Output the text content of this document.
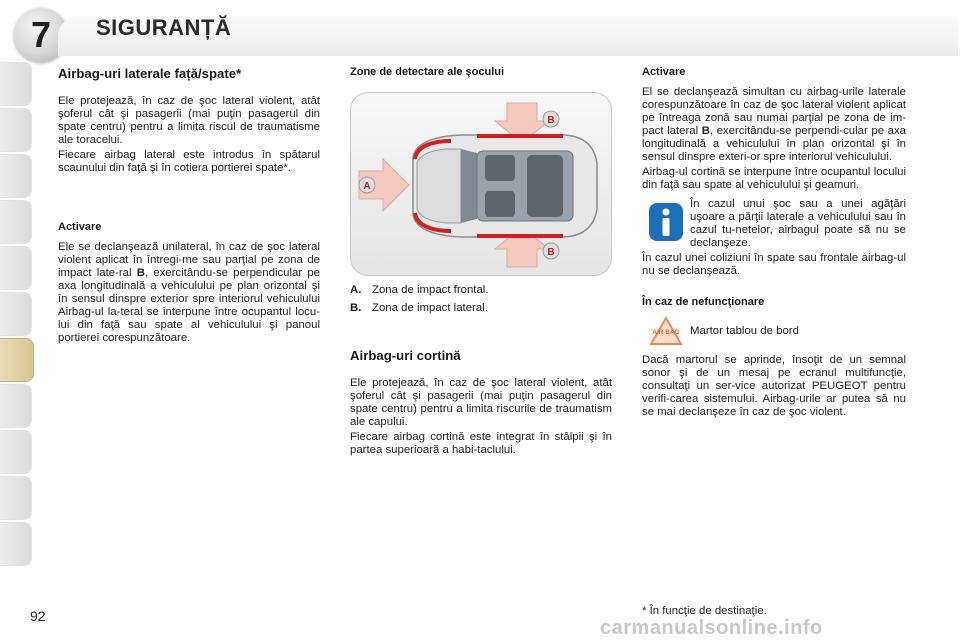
7 SIGURANȚĂ
Airbag-uri laterale față/spate*

Ele protejează, în caz de şoc lateral violent, atât şoferul cât şi pasagerii (mai puţin pasagerul din spate centru) pentru a limita riscul de traumatisme ale toracelui.

Fiecare airbag lateral este introdus în spătarul scaunului din faţă şi în cotiera portierei spate*.

Activare

Ele se declanşează unilateral, în caz de şoc lateral violent aplicat în întregi-me sau parţial pe zona de impact late-ral B, exercitându-se perpendicular pe axa longitudinală a vehiculului pe plan orizontal şi în sensul dinspre exterior spre interiorul vehiculului Airbag-ul la-teral se interpune între ocupantul locu-lui din faţă sau spate al vehiculului şi panoul portierei corespunzătoare.

Zone de detectare ale şocului
B
A
B
A. Zona de impact frontal.
B. Zona de impact lateral.
Airbag-uri cortină

Ele protejează, în caz de şoc lateral violent, atât şoferul cât şi pasagerii (mai puţin pasagerul din spate centru) pentru a limita riscurile de traumatism ale capului.

Fiecare airbag cortină este integrat în stâlpii şi în partea superioară a habi-taclului.

Activare

El se declanşează simultan cu airbag-urile laterale corespunzătoare în caz de şoc lateral violent aplicat pe întreaga zonă sau numai parţial pe zona de im-pact lateral B, exercitându-se perpendi-cular pe axa longitudinală a vehiculului în plan orizontal şi în sensul dinspre exteri-or spre interiorul vehiculului.

Airbag-ul cortină se interpune între ocupantul locului din faţă sau spate al vehiculului şi geamuri.

În cazul unui şoc sau a unei agăţări uşoare a părţii laterale a vehiculului sau în cazul tu-netelor, airbagul poate să nu se declanşeze.

În cazul unei coliziuni în spate sau frontale airbag-ul nu se declanşează.

În caz de nefuncţionare
AIR BAG Martor tablou de bord

Dacă martorul se aprinde, însoţit de un semnal sonor şi de un mesaj pe ecranul multifuncţie, consultaţi un ser-vice autorizat PEUGEOT pentru verifi-carea sistemului. Airbag-urile ar putea să nu se mai declanşeze în caz de şoc violent.

92	* În funcţie de destinaţie.
carmanualsonline.info
